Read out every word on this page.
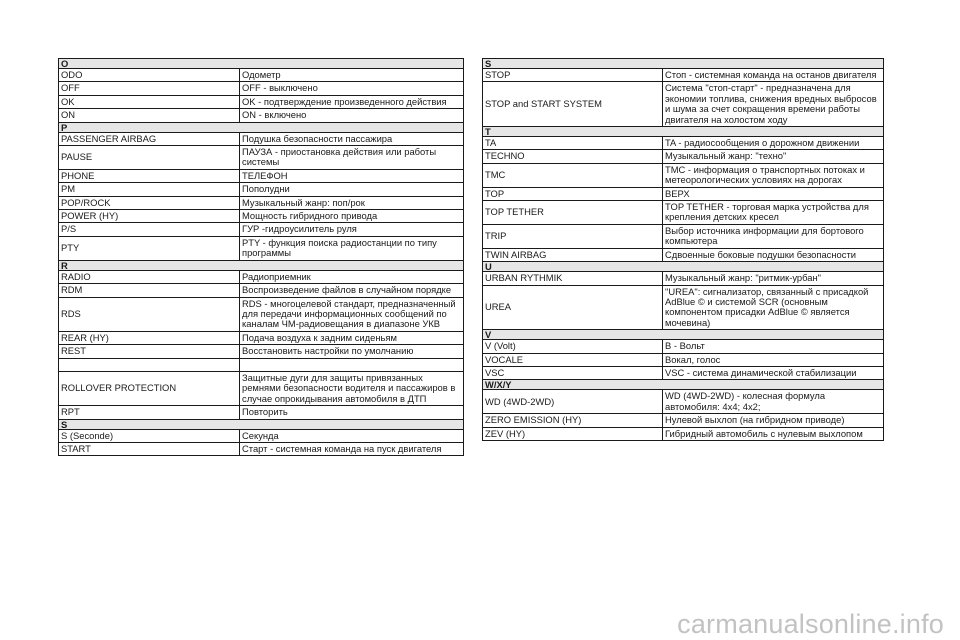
O	
ODO	Одометр
OFF	OFF - выключено
OK	OK - подтверждение произведенного действия
ON	ON - включено
P	
PASSENGER AIRBAG	Подушка безопасности пассажира
PAUSE	ПАУЗА - приостановка действия или работы системы
PHONE	ТЕЛЕФОН
PM	Пополудни
POP/ROCK	Музыкальный жанр: поп/рок
POWER (HY)	Мощность гибридного привода
P/S	ГУР -гидроусилитель руля
PTY	PTY - функция поиска радиостанции по типу программы
R	
RADIO	Радиоприемник
RDM	Воспроизведение файлов в случайном порядке
RDS	RDS - многоцелевой стандарт, предназначенный для передачи информационных сообщений по каналам ЧМ-радиовещания в диапазоне УКВ
REAR (HY)	Подача воздуха к задним сиденьям
REST	Восстановить настройки по умолчанию

ROLLOVER PROTECTION	Защитные дуги для защиты привязанных ремнями безопасности водителя и пассажиров в случае опрокидывания автомобиля в ДТП
RPT	Повторить
S	
S (Seconde)	Секунда
START	Старт - системная команда на пуск двигателя
S	
STOP	Стоп - системная команда на останов двигателя
STOP and START SYSTEM	Система "стоп-старт" - предназначена для экономии топлива, снижения вредных выбросов и шума за счет сокращения времени работы двигателя на холостом ходу
T	
TA	TA - радиосообщения о дорожном движении
TECHNO	Музыкальный жанр: "техно"
TMC	TMC - информация о транспортных потоках и метеорологических условиях на дорогах
TOP	ВЕРХ
TOP TETHER	TOP TETHER - торговая марка устройства для крепления детских кресел
TRIP	Выбор источника информации для бортового компьютера
TWIN AIRBAG	Сдвоенные боковые подушки безопасности
U	
URBAN RYTHMIK	Музыкальный жанр: "ритмик-урбан"
UREA	"UREA": сигнализатор, связанный с присадкой AdBlue © и системой SCR (основным компонентом присадки AdBlue © является мочевина)
V	
V (Volt)	В - Вольт
VOCALE	Вокал, голос
VSC	VSC - система динамической стабилизации
W/X/Y	
WD (4WD-2WD)	WD (4WD-2WD) - колесная формула автомобиля: 4х4; 4х2;
ZERO EMISSION (HY)	Нулевой выхлоп (на гибридном приводе)
ZEV (HY)	Гибридный автомобиль с нулевым выхлопом
carmanualsonline.info
